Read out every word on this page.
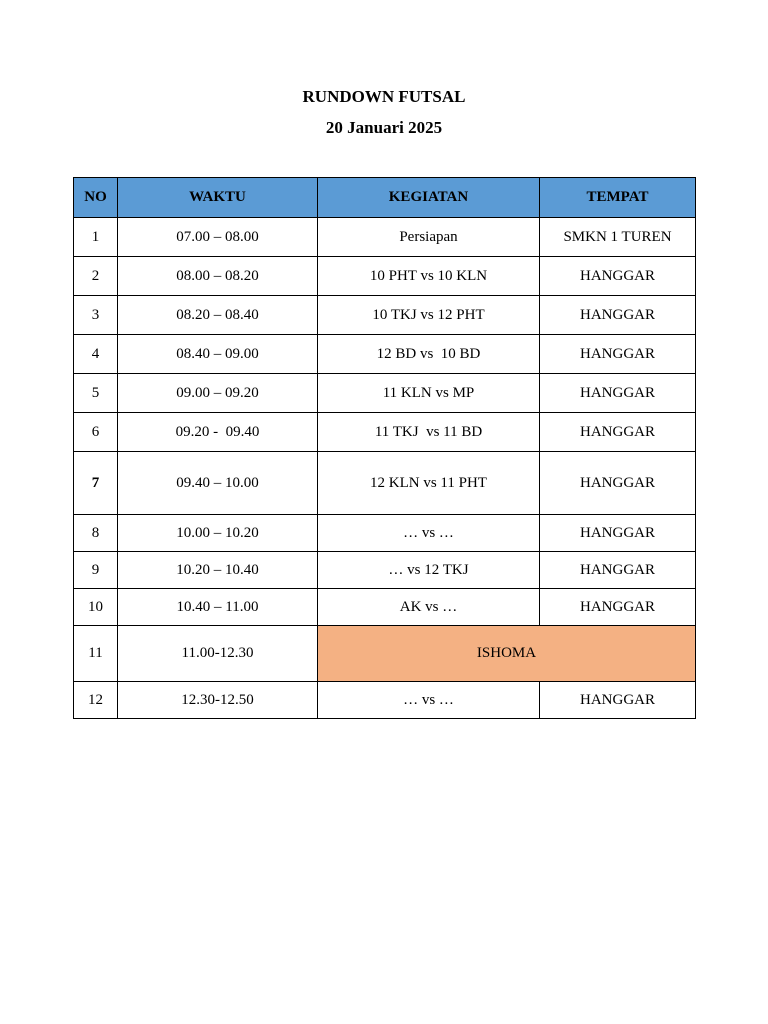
RUNDOWN FUTSAL
20 Januari 2025
NO	WAKTU	KEGIATAN	TEMPAT
1	07.00 – 08.00	Persiapan	SMKN 1 TUREN
2	08.00 – 08.20	10 PHT vs 10 KLN	HANGGAR
3	08.20 – 08.40	10 TKJ vs 12 PHT	HANGGAR
4	08.40 – 09.00	12 BD vs  10 BD	HANGGAR
5	09.00 – 09.20	11 KLN vs MP	HANGGAR
6	09.20 -  09.40	11 TKJ  vs 11 BD	HANGGAR
7	09.40 – 10.00	12 KLN vs 11 PHT	HANGGAR
8	10.00 – 10.20	… vs …	HANGGAR
9	10.20 – 10.40	… vs 12 TKJ	HANGGAR
10	10.40 – 11.00	AK vs …	HANGGAR
11	11.00-12.30	ISHOMA	
12	12.30-12.50	… vs …	HANGGAR
